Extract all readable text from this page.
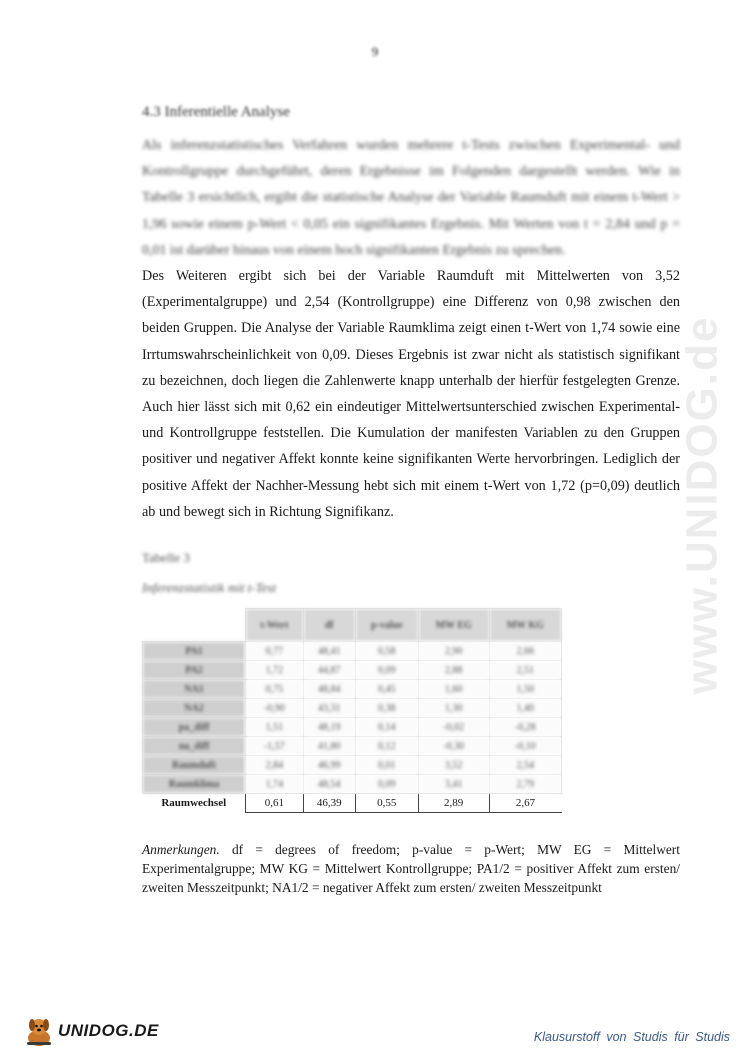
9
www.UNIDOG.de
4.3 Inferentielle Analyse
Als inferenzstatistisches Verfahren wurden mehrere t-Tests zwischen Experimental- und Kontrollgruppe durchgeführt, deren Ergebnisse im Folgenden dargestellt werden. Wie in Tabelle 3 ersichtlich, ergibt die statistische Analyse der Variable Raumduft mit einem t-Wert > 1,96 sowie einem p-Wert < 0,05 ein signifikantes Ergebnis. Mit Werten von t = 2,84 und p = 0,01 ist darüber hinaus von einem hoch signifikanten Ergebnis zu sprechen.
Des Weiteren ergibt sich bei der Variable Raumduft mit Mittelwerten von 3,52 (Experimentalgruppe) und 2,54 (Kontrollgruppe) eine Differenz von 0,98 zwischen den beiden Gruppen. Die Analyse der Variable Raumklima zeigt einen t-Wert von 1,74 sowie eine Irrtumswahrscheinlichkeit von 0,09. Dieses Ergebnis ist zwar nicht als statistisch signifikant zu bezeichnen, doch liegen die Zahlenwerte knapp unterhalb der hierfür festgelegten Grenze. Auch hier lässt sich mit 0,62 ein eindeutiger Mittelwertsunterschied zwischen Experimental- und Kontrollgruppe feststellen. Die Kumulation der manifesten Variablen zu den Gruppen positiver und negativer Affekt konnte keine signifikanten Werte hervorbringen. Lediglich der positive Affekt der Nachher-Messung hebt sich mit einem t-Wert von 1,72 (p=0,09) deutlich ab und bewegt sich in Richtung Signifikanz.
Tabelle 3
Inferenzstatistik mit t-Test
	t-Wert	df	p-value	MW EG	MW KG
PA1	0,77	48,41	0,58	2,90	2,66
PA2	1,72	44,87	0,09	2,88	2,51
NA1	0,75	48,84	0,45	1,60	1,50
NA2	-0,90	43,31	0,38	1,30	1,40
pa_diff	1,51	48,19	0,14	-0,02	-0,28
na_diff	-1,57	41,80	0,12	-0,30	-0,10
Raumduft	2,84	46,99	0,01	3,52	2,54
Raumklima	1,74	48,54	0,09	3,41	2,79
Raumwechsel	0,61	46,39	0,55	2,89	2,67
Anmerkungen. df = degrees of freedom; p-value = p-Wert; MW EG = Mittelwert Experimentalgruppe; MW KG = Mittelwert Kontrollgruppe; PA1/2 = positiver Affekt zum ersten/ zweiten Messzeitpunkt; NA1/2 = negativer Affekt zum ersten/ zweiten Messzeitpunkt
UNIDOG.DE	Klausurstoff von Studis für Studis
